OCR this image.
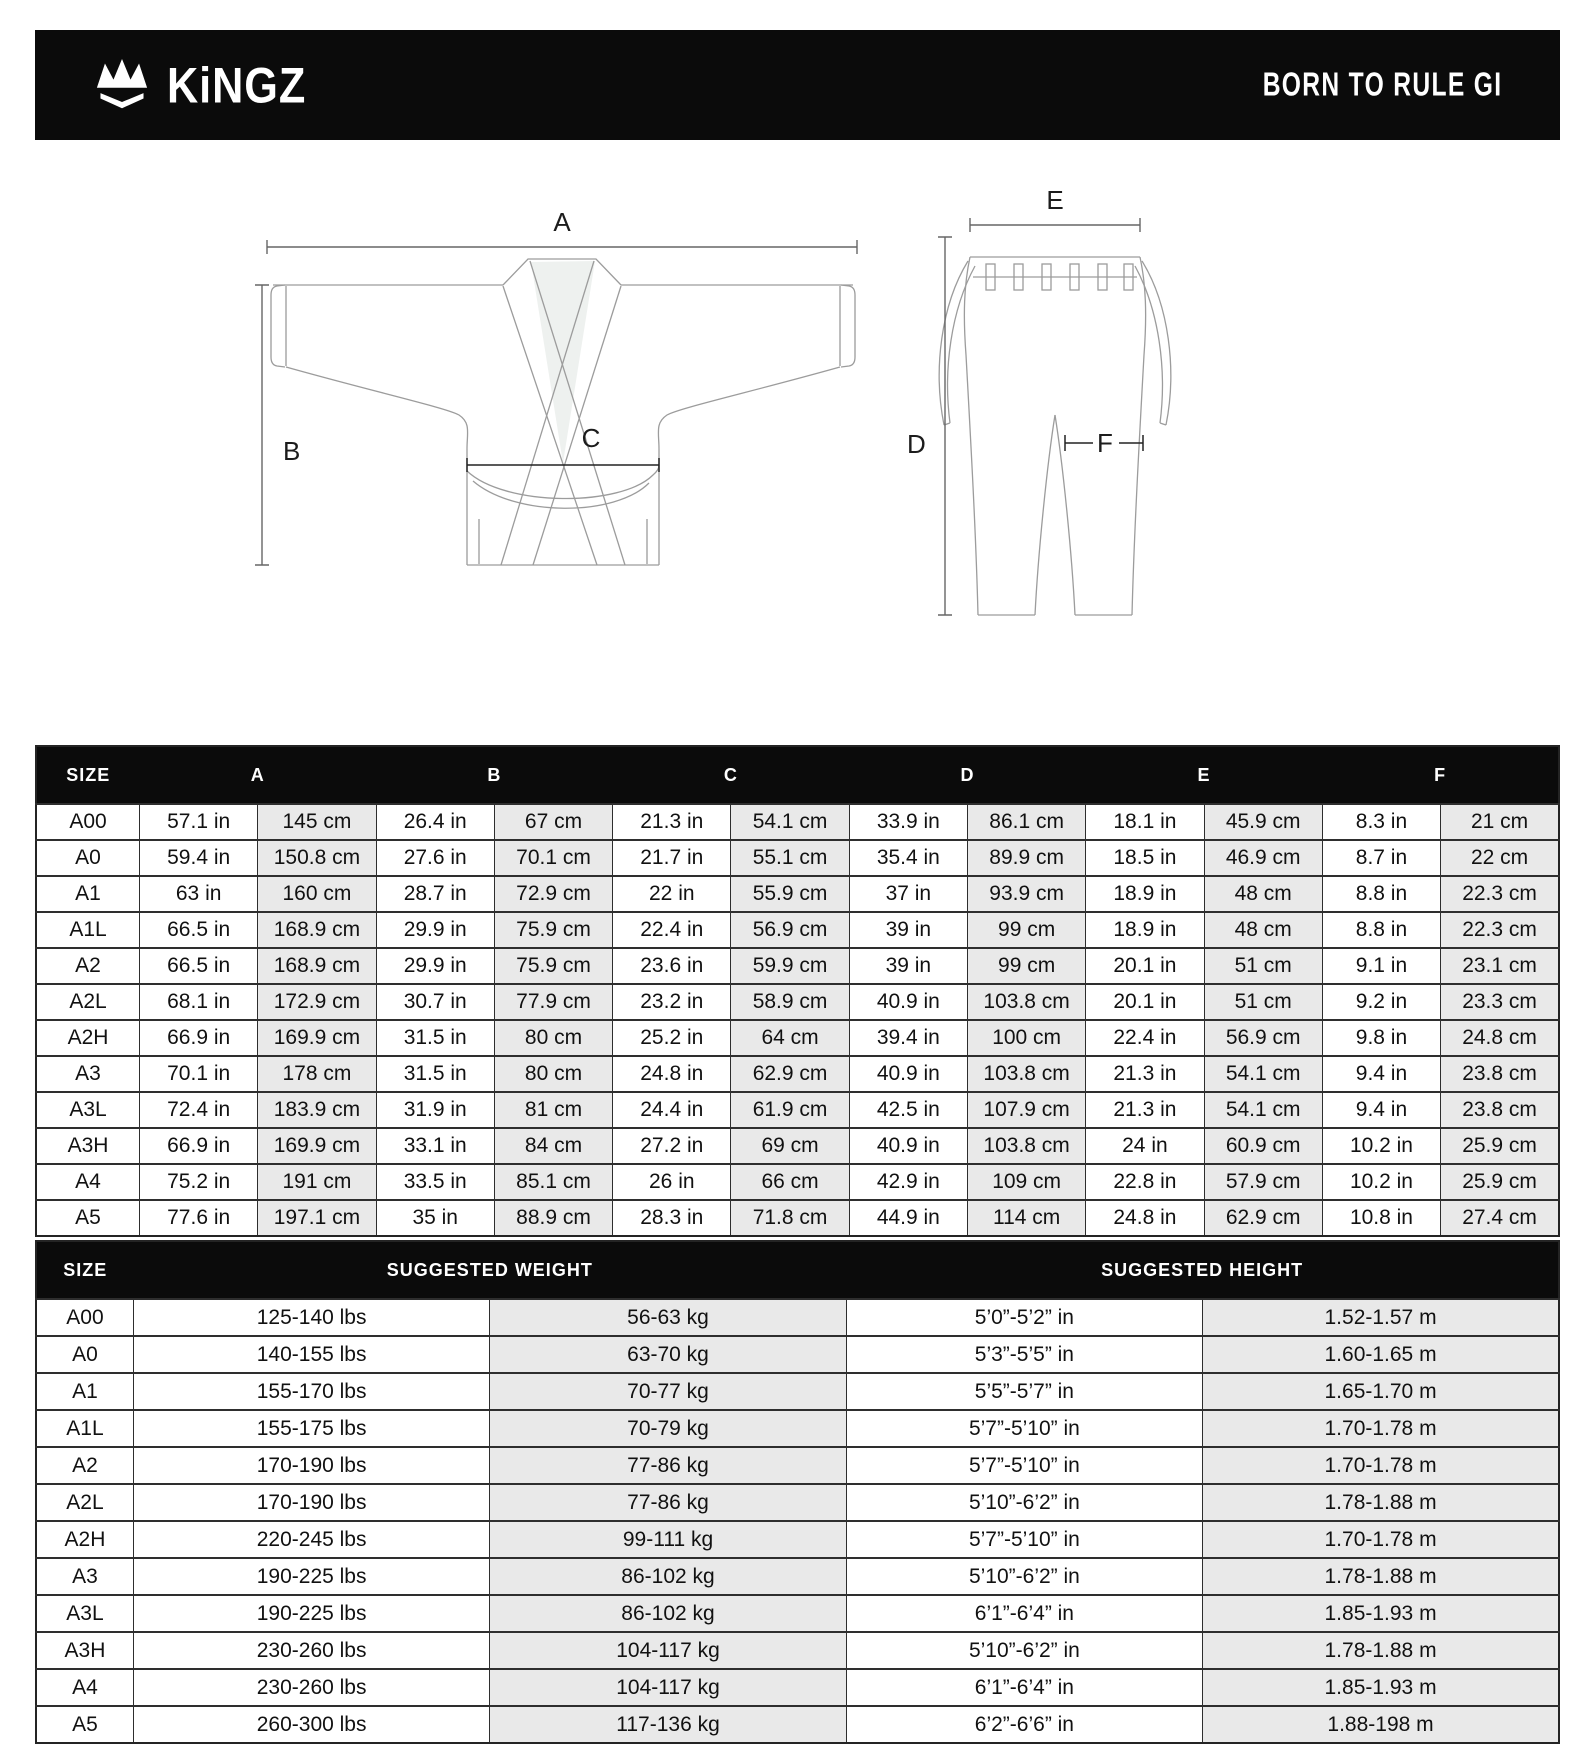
KiNGZ	BORN TO RULE GI
A
B	C
E
D	F
SIZE	A		B		C		D		E		F	
A00	57.1 in	145 cm	26.4 in	67 cm	21.3 in	54.1 cm	33.9 in	86.1 cm	18.1 in	45.9 cm	8.3 in	21 cm
A0	59.4 in	150.8 cm	27.6 in	70.1 cm	21.7 in	55.1 cm	35.4 in	89.9 cm	18.5 in	46.9 cm	8.7 in	22 cm
A1	63 in	160 cm	28.7 in	72.9 cm	22 in	55.9 cm	37 in	93.9 cm	18.9 in	48 cm	8.8 in	22.3 cm
A1L	66.5 in	168.9 cm	29.9 in	75.9 cm	22.4 in	56.9 cm	39 in	99 cm	18.9 in	48 cm	8.8 in	22.3 cm
A2	66.5 in	168.9 cm	29.9 in	75.9 cm	23.6 in	59.9 cm	39 in	99 cm	20.1 in	51 cm	9.1 in	23.1 cm
A2L	68.1 in	172.9 cm	30.7 in	77.9 cm	23.2 in	58.9 cm	40.9 in	103.8 cm	20.1 in	51 cm	9.2 in	23.3 cm
A2H	66.9 in	169.9 cm	31.5 in	80 cm	25.2 in	64 cm	39.4 in	100 cm	22.4 in	56.9 cm	9.8 in	24.8 cm
A3	70.1 in	178 cm	31.5 in	80 cm	24.8 in	62.9 cm	40.9 in	103.8 cm	21.3 in	54.1 cm	9.4 in	23.8 cm
A3L	72.4 in	183.9 cm	31.9 in	81 cm	24.4 in	61.9 cm	42.5 in	107.9 cm	21.3 in	54.1 cm	9.4 in	23.8 cm
A3H	66.9 in	169.9 cm	33.1 in	84 cm	27.2 in	69 cm	40.9 in	103.8 cm	24 in	60.9 cm	10.2 in	25.9 cm
A4	75.2 in	191 cm	33.5 in	85.1 cm	26 in	66 cm	42.9 in	109 cm	22.8 in	57.9 cm	10.2 in	25.9 cm
A5	77.6 in	197.1 cm	35 in	88.9 cm	28.3 in	71.8 cm	44.9 in	114 cm	24.8 in	62.9 cm	10.8 in	27.4 cm
SIZE	SUGGESTED WEIGHT		SUGGESTED HEIGHT	
A00	125-140 lbs	56-63 kg	5’0”-5’2” in	1.52-1.57 m
A0	140-155 lbs	63-70 kg	5’3”-5’5” in	1.60-1.65 m
A1	155-170 lbs	70-77 kg	5’5”-5’7” in	1.65-1.70 m
A1L	155-175 lbs	70-79 kg	5’7”-5’10” in	1.70-1.78 m
A2	170-190 lbs	77-86 kg	5’7”-5’10” in	1.70-1.78 m
A2L	170-190 lbs	77-86 kg	5’10”-6’2” in	1.78-1.88 m
A2H	220-245 lbs	99-111 kg	5’7”-5’10” in	1.70-1.78 m
A3	190-225 lbs	86-102 kg	5’10”-6’2” in	1.78-1.88 m
A3L	190-225 lbs	86-102 kg	6’1”-6’4” in	1.85-1.93 m
A3H	230-260 lbs	104-117 kg	5’10”-6’2” in	1.78-1.88 m
A4	230-260 lbs	104-117 kg	6’1”-6’4” in	1.85-1.93 m
A5	260-300 lbs	117-136 kg	6’2”-6’6” in	1.88-198 m
